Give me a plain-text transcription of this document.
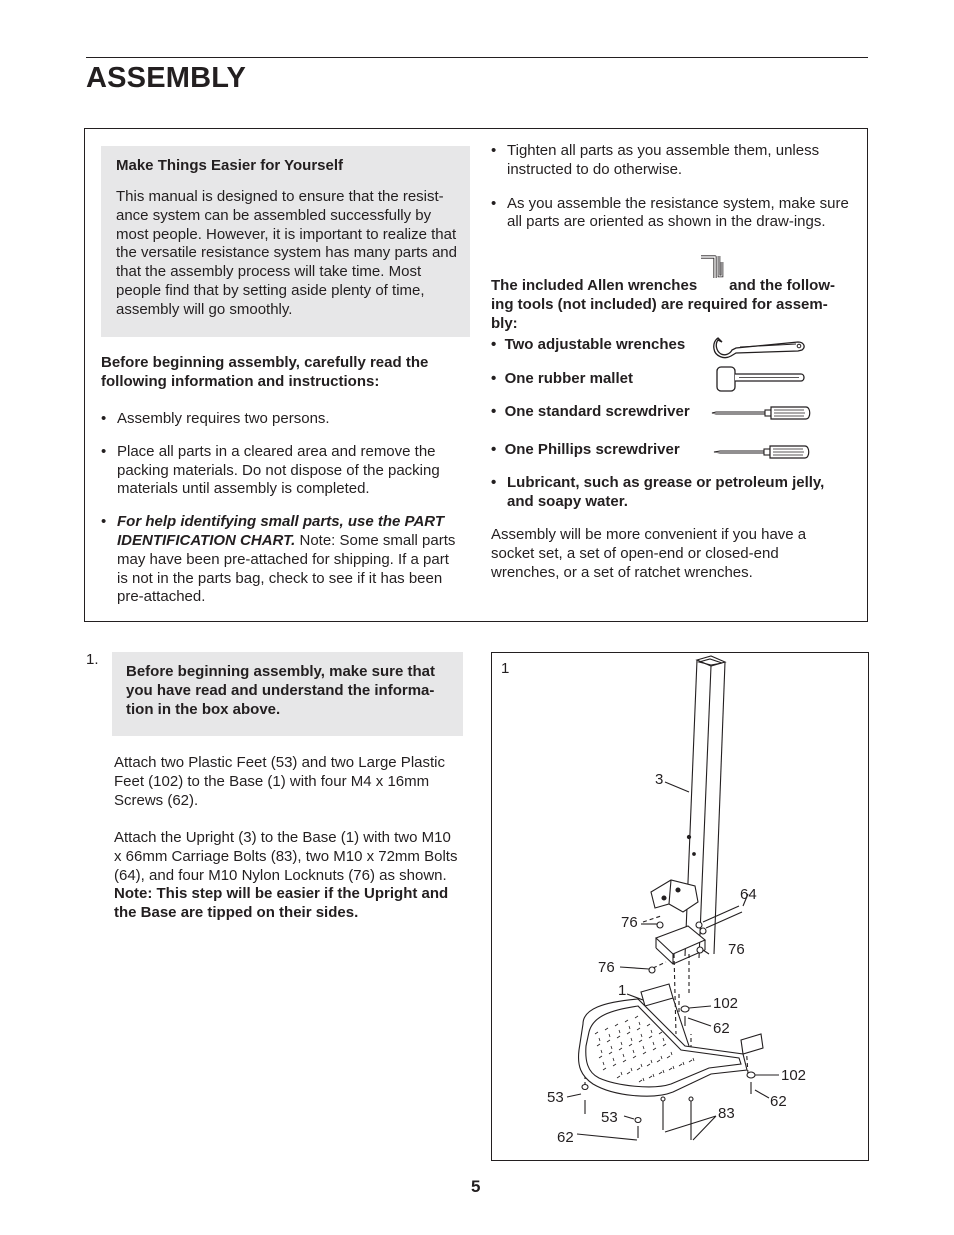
ASSEMBLY

Make Things Easier for Yourself

This manual is designed to ensure that the resist-ance system can be assembled successfully by most people. However, it is important to realize that the versatile resistance system has many parts and that the assembly process will take time. Most people find that by setting aside plenty of time, assembly will go smoothly.

Before beginning assembly, carefully read the following information and instructions:

• Assembly requires two persons.
• Place all parts in a cleared area and remove the packing materials. Do not dispose of the packing materials until assembly is completed.
• For help identifying small parts, use the PART IDENTIFICATION CHART. Note: Some small parts may have been pre-attached for shipping. If a part is not in the parts bag, check to see if it has been pre-attached.
• Tighten all parts as you assemble them, unless instructed to do otherwise.
• As you assemble the resistance system, make sure all parts are oriented as shown in the draw-ings.

The included Allen wrenches and the follow-ing tools (not included) are required for assem-bly:

•  Two adjustable wrenches
•  One rubber mallet
•  One standard screwdriver
•  One Phillips screwdriver
• Lubricant, such as grease or petroleum jelly, and soapy water.

Assembly will be more convenient if you have a socket set, a set of open-end or closed-end wrenches, or a set of ratchet wrenches.

1.

Before beginning assembly, make sure that you have read and understand the informa-tion in the box above.

Attach two Plastic Feet (53) and two Large Plastic Feet (102) to the Base (1) with four M4 x 16mm Screws (62).

Attach the Upright (3) to the Base (1) with two M10 x 66mm Carriage Bolts (83), two M10 x 72mm Bolts (64), and four M10 Nylon Locknuts (76) as shown. Note: This step will be easier if the Upright and the Base are tipped on their sides.

1
3
64
76
76
76
1
102
62
102
62
53
53	83
62
5
